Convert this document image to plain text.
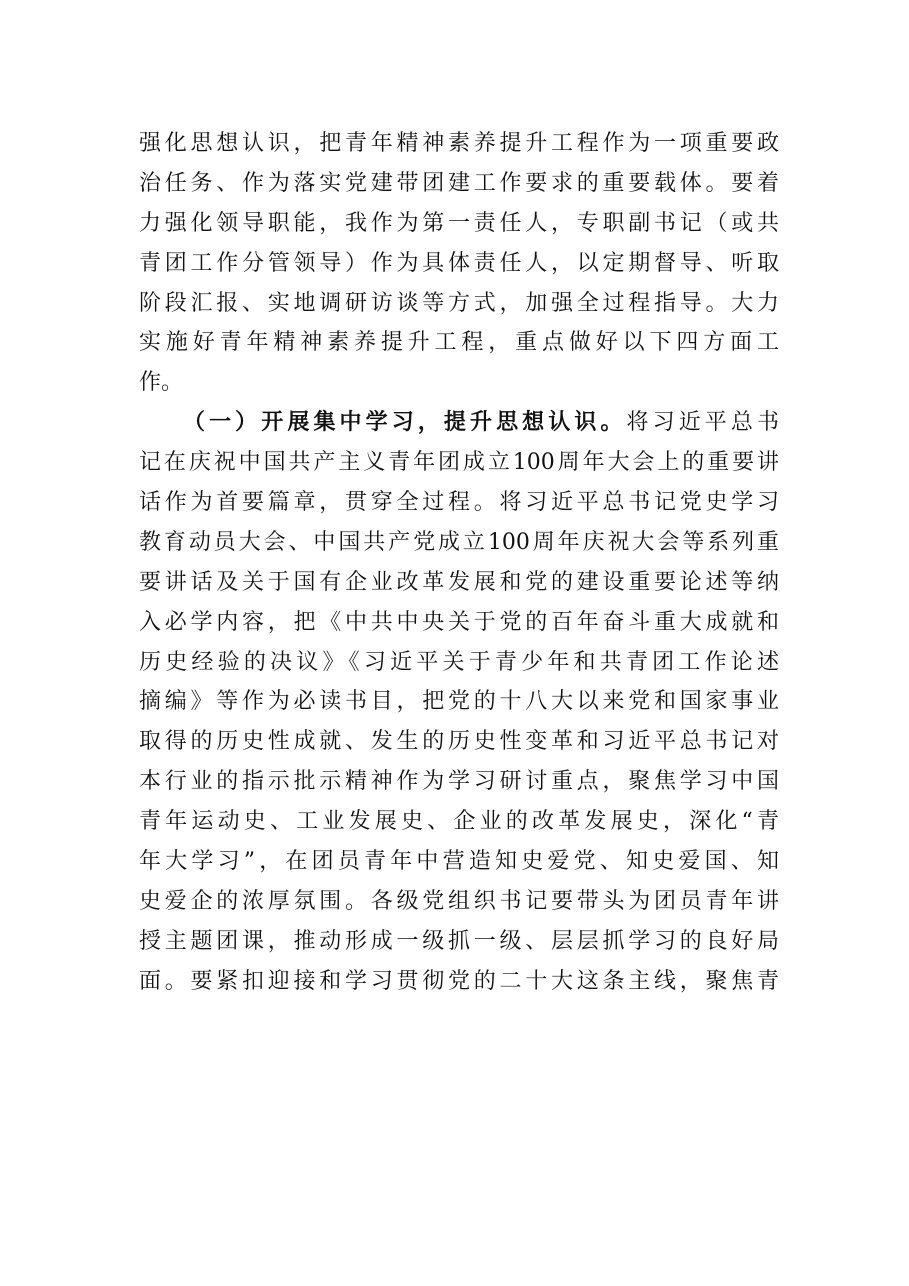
强化思想认识，把青年精神素养提升工程作为一项重要政
治任务、作为落实党建带团建工作要求的重要载体。要着
力强化领导职能，我作为第一责任人，专职副书记（或共
青团工作分管领导）作为具体责任人，以定期督导、听取
阶段汇报、实地调研访谈等方式，加强全过程指导。大力
实施好青年精神素养提升工程，重点做好以下四方面工
作。
（一）开展集中学习，提升思想认识。将习近平总书
记在庆祝中国共产主义青年团成立100周年大会上的重要讲
话作为首要篇章，贯穿全过程。将习近平总书记党史学习
教育动员大会、中国共产党成立100周年庆祝大会等系列重
要讲话及关于国有企业改革发展和党的建设重要论述等纳
入必学内容，把《中共中央关于党的百年奋斗重大成就和
历史经验的决议》《习近平关于青少年和共青团工作论述
摘编》等作为必读书目，把党的十八大以来党和国家事业
取得的历史性成就、发生的历史性变革和习近平总书记对
本行业的指示批示精神作为学习研讨重点，聚焦学习中国
青年运动史、工业发展史、企业的改革发展史，深化“青
年大学习”，在团员青年中营造知史爱党、知史爱国、知
史爱企的浓厚氛围。各级党组织书记要带头为团员青年讲
授主题团课，推动形成一级抓一级、层层抓学习的良好局
面。要紧扣迎接和学习贯彻党的二十大这条主线，聚焦青
